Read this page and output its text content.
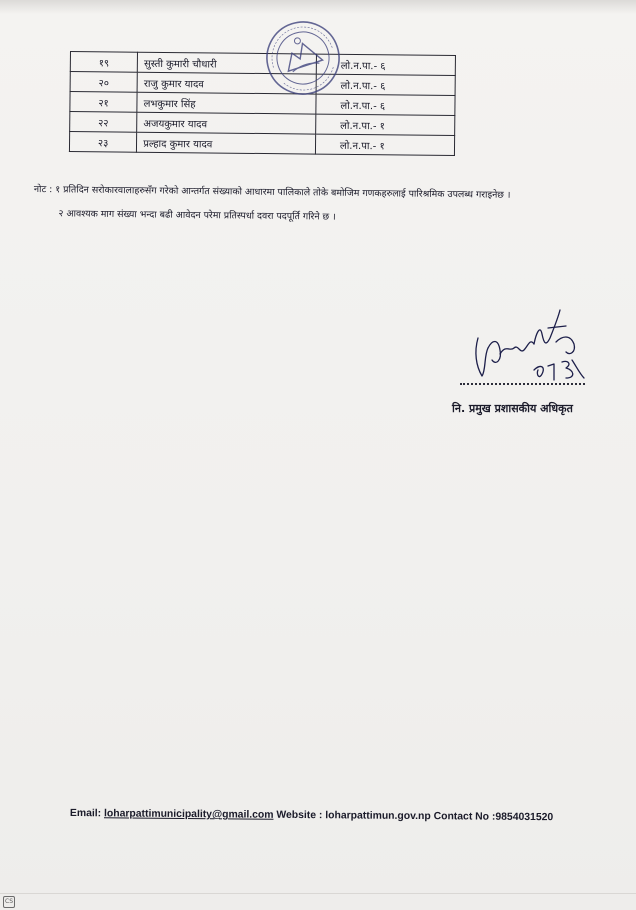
१९	सुस्ती कुमारी चौधारी	लो.न.पा.- ६
२०	राजु कुमार यादव	लो.न.पा.- ६
२१	लभकुमार सिंह	लो.न.पा.- ६
२२	अजयकुमार यादव	लो.न.पा.- १
२३	प्रल्हाद कुमार यादव	लो.न.पा.- १
नोट : १ प्रतिदिन सरोकारवालाहरुसँग गरेको आन्तर्गत संख्याको आधारमा पालिकाले तोके बमोजिम गणकहरुलाई पारिश्रमिक उपलब्ध गराइनेछ ।
२ आवश्यक माग संख्या भन्दा बढी आवेदन परेमा प्रतिस्पर्धा दवरा पदपूर्ति गरिने छ ।
नि. प्रमुख प्रशासकीय अधिकृत
Email: loharpattimunicipality@gmail.com Website : loharpattimun.gov.np Contact No :9854031520
CS
